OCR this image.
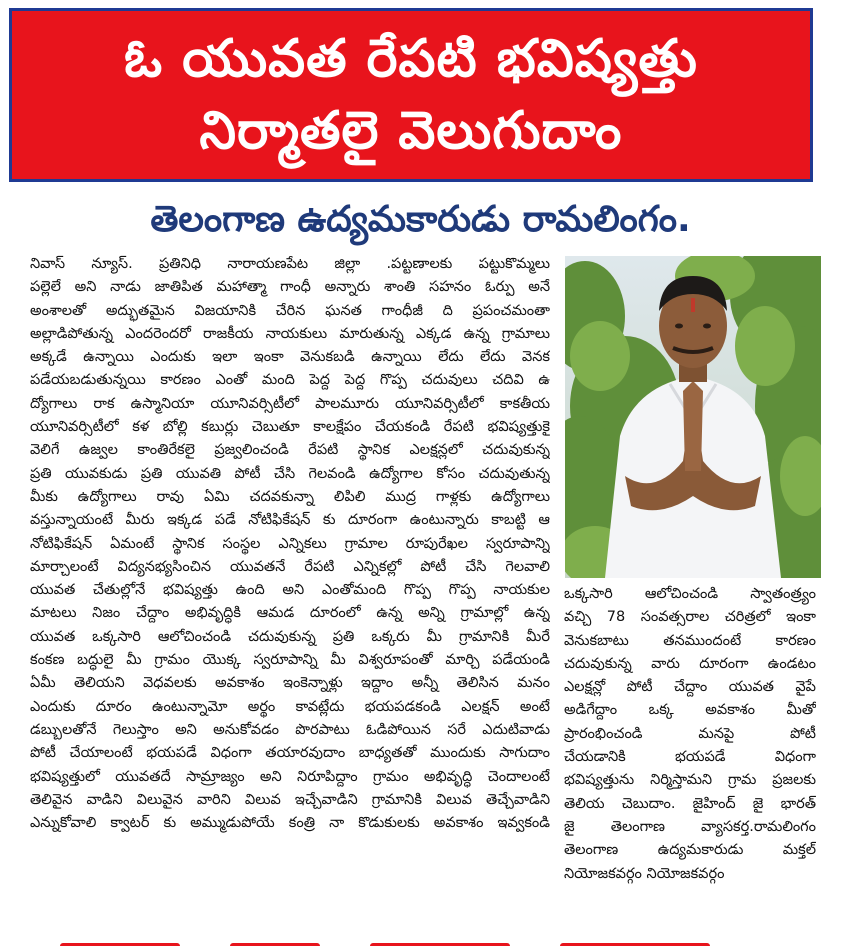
ఓ యువత రేపటి భవిష్యత్తు
నిర్మాతలై వెలుగుదాం
తెలంగాణ ఉద్యమకారుడు రామలింగం.
నివాస్ న్యూస్. ప్రతినిధి నారాయణపేట జిల్లా .పట్టణాలకు పట్టుకొమ్మలు
పల్లెలే అని నాడు జాతిపిత మహాత్మా గాంధీ అన్నారు శాంతి సహనం ఓర్పు అనే
అంశాలతో అద్భుతమైన విజయానికి చేరిన ఘనత గాంధీజీ ది ప్రపంచమంతా
అల్లాడిపోతున్న ఎందరెందరో రాజకీయ నాయకులు మారుతున్న ఎక్కడ ఉన్న గ్రామాలు
అక్కడే ఉన్నాయి ఎందుకు ఇలా ఇంకా వెనుకబడి ఉన్నాయి లేదు లేదు వెనక
పడేయబడుతున్నయి కారణం ఎంతో మంది పెద్ద పెద్ద గొప్ప చదువులు చదివి ఉ
ద్యోగాలు రాక ఉస్మానియా యూనివర్సిటీలో పాలమూరు యూనివర్సిటీలో కాకతీయ
యూనివర్సిటీలో కళ బోల్లి కబుర్లు చెబుతూ కాలక్షేపం చేయకండి రేపటి భవిష్యత్తుకై
వెలిగే ఉజ్వల కాంతిరేకలై ప్రజ్వలించండి రేపటి స్థానిక ఎలక్షన్లలో చదువుకున్న
ప్రతి యువకుడు ప్రతి యువతి పోటీ చేసి గెలవండి ఉద్యోగాల కోసం చదువుతున్న
మీకు ఉద్యోగాలు రావు ఏమి చదవకున్నా లిపిలి ముద్ర గాళ్లకు ఉద్యోగాలు
వస్తున్నాయంటే మీరు ఇక్కడ పడే నోటిఫికేషన్ కు దూరంగా ఉంటున్నారు కాబట్టి ఆ
నోటిఫికేషన్ ఏమంటే స్థానిక సంస్థల ఎన్నికలు గ్రామాల రూపురేఖల స్వరూపాన్ని
మార్చాలంటే విద్యనభ్యసించిన యువతనే రేపటి ఎన్నికల్లో పోటీ చేసి గెలవాలి
యువత చేతుల్లోనే భవిష్యత్తు ఉంది అని ఎంతోమంది గొప్ప గొప్ప నాయకుల
మాటలు నిజం చేద్దాం అభివృద్ధికి ఆమడ దూరంలో ఉన్న అన్ని గ్రామాల్లో ఉన్న
యువత ఒక్కసారి ఆలోచించండి చదువుకున్న ప్రతి ఒక్కరు మీ గ్రామానికి మీరే
కంకణ బద్ధులై మీ గ్రామం యొక్క స్వరూపాన్ని మీ విశ్వరూపంతో మార్చి పడేయండి
ఏమీ తెలియని వెధవలకు అవకాశం ఇంకెన్నాళ్లు ఇద్దాం అన్నీ తెలిసిన మనం
ఎందుకు దూరం ఉంటున్నామో అర్థం కావట్లేదు భయపడకండి ఎలక్షన్ అంటే
డబ్బులతోనే గెలుస్తాం అని అనుకోవడం పొరపాటు ఓడిపోయిన సరే ఎదుటివాడు
పోటీ చేయాలంటే భయపడే విధంగా తయారవుదాం బాధ్యతతో ముందుకు సాగుదాం
భవిష్యత్తులో యువతదే సామ్రాజ్యం అని నిరూపిద్దాం గ్రామం అభివృద్ధి చెందాలంటే
తెలివైన వాడిని విలువైన వారిని విలువ ఇచ్చేవాడిని గ్రామానికి విలువ తెచ్చేవాడిని
ఎన్నుకోవాలి క్వాటర్ కు అమ్ముడుపోయే కంత్రి నా కొడుకులకు అవకాశం ఇవ్వకండి
ఒక్కసారి ఆలోచించండి స్వాతంత్ర్యం
వచ్చి 78 సంవత్సరాల చరిత్రలో ఇంకా
వెనుకబాటు తనముందంటే కారణం
చదువుకున్న వారు దూరంగా ఉండటం
ఎలక్షన్లో పోటీ చేద్దాం యువత వైపే
అడిగేద్దాం ఒక్క అవకాశం మీతో
ప్రారంభించండి మనపై పోటీ
చేయడానికి భయపడే విధంగా
భవిష్యత్తును నిర్మిస్తామని గ్రామ ప్రజలకు
తెలియ చెబుదాం. జైహింద్ జై భారత్
జై తెలంగాణ వ్యాసకర్త.రామలింగం
తెలంగాణ ఉద్యమకారుడు మక్తల్
నియోజకవర్గం నియోజకవర్గం
